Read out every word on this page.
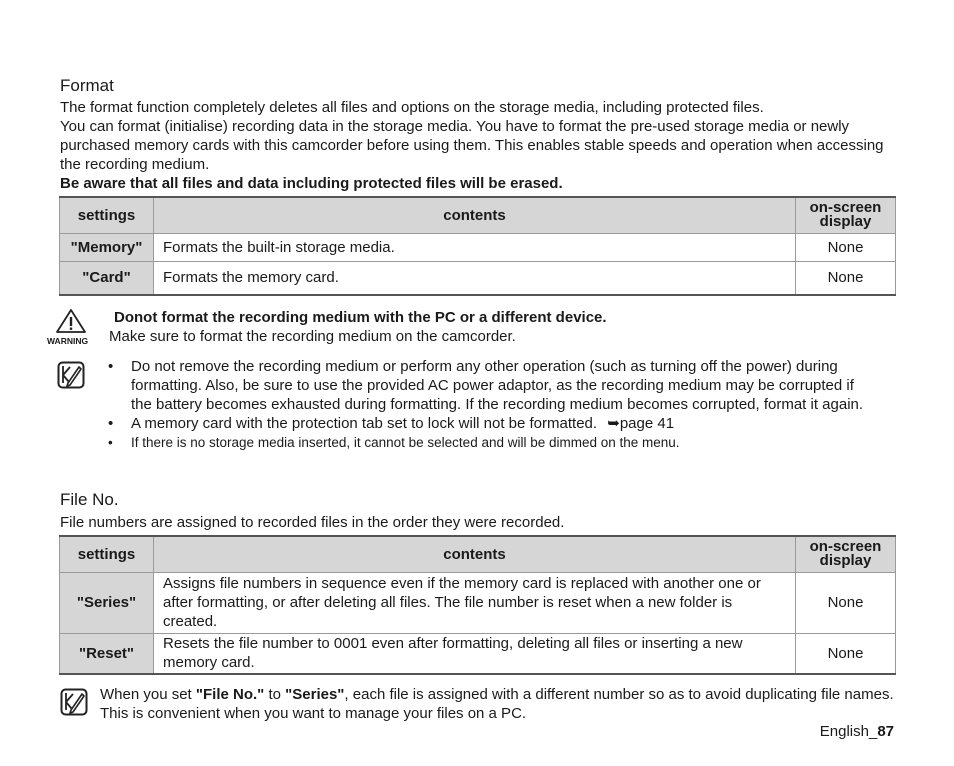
Format
The format function completely deletes all files and options on the storage media, including protected files.
You can format (initialise) recording data in the storage media. You have to format the pre-used storage media or newly purchased memory cards with this camcorder before using them. This enables stable speeds and operation when accessing the recording medium.
Be aware that all files and data including protected files will be erased.
settings	contents	on-screen
display

"Memory"	Formats the built-in storage media.	None
"Card"	Formats the memory card.	None
WARNING
Donot format the recording medium with the PC or a different device.
Make sure to format the recording medium on the camcorder.
• Do not remove the recording medium or perform any other operation (such as turning off the power) during formatting. Also, be sure to use the provided AC power adaptor, as the recording medium may be corrupted if the battery becomes exhausted during formatting. If the recording medium becomes corrupted, format it again.
• A memory card with the protection tab set to lock will not be formatted. ➥page 41
• If there is no storage media inserted, it cannot be selected and will be dimmed on the menu.
File No.
File numbers are assigned to recorded files in the order they were recorded.
settings	contents	on-screen
display

"Series"	Assigns file numbers in sequence even if the memory card is replaced with another one or after formatting, or after deleting all files. The file number is reset when a new folder is created.	None
"Reset"	Resets the file number to 0001 even after formatting, deleting all files or inserting a new memory card.	None
When you set "File No." to "Series", each file is assigned with a different number so as to avoid duplicating file names. This is convenient when you want to manage your files on a PC.
English_87
